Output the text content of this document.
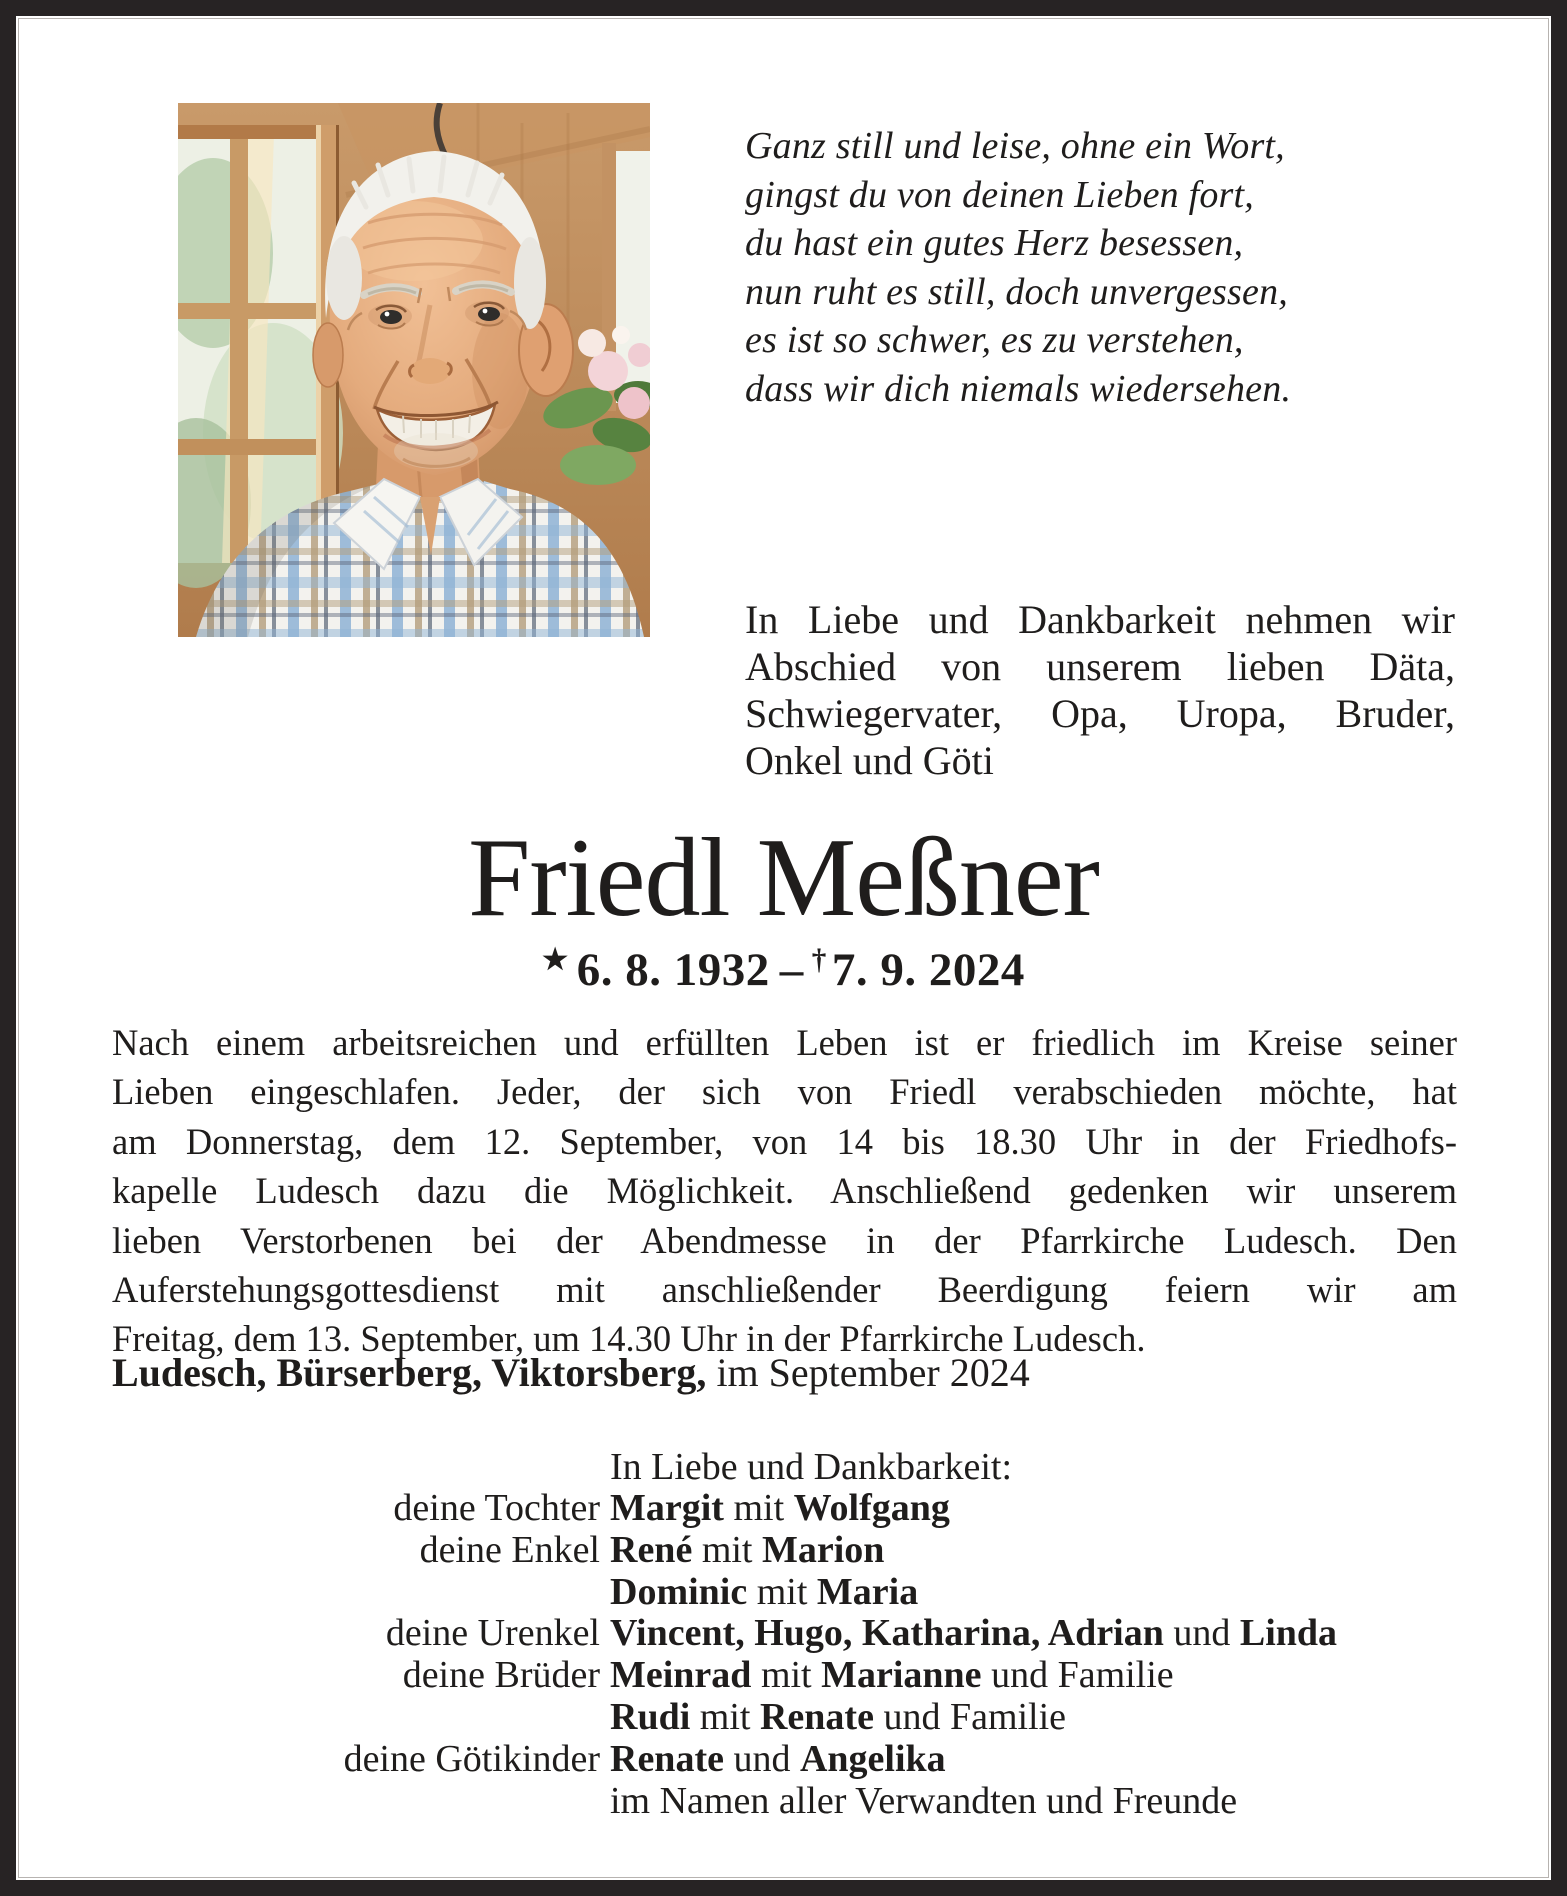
Ganz still und leise, ohne ein Wort,
gingst du von deinen Lieben fort,
du hast ein gutes Herz besessen,
nun ruht es still, doch unvergessen,
es ist so schwer, es zu verstehen,
dass wir dich niemals wiedersehen.
In Liebe und Dankbarkeit nehmen wir
Abschied von unserem lieben Däta,
Schwiegervater, Opa, Uropa, Bruder,
Onkel und Göti
Friedl Meßner
★ 6. 8. 1932 – † 7. 9. 2024
Nach einem arbeitsreichen und erfüllten Leben ist er friedlich im Kreise seiner
Lieben eingeschlafen. Jeder, der sich von Friedl verabschieden möchte, hat
am Donnerstag, dem 12. September, von 14 bis 18.30 Uhr in der Friedhofs-
kapelle Ludesch dazu die Möglichkeit. Anschließend gedenken wir unserem
lieben Verstorbenen bei der Abendmesse in der Pfarrkirche Ludesch. Den
Auferstehungsgottesdienst mit anschließender Beerdigung feiern wir am
Freitag, dem 13. September, um 14.30 Uhr in der Pfarrkirche Ludesch.
Ludesch, Bürserberg, Viktorsberg, im September 2024
In Liebe und Dankbarkeit:
deine Tochter Margit mit Wolfgang
deine Enkel René mit Marion
Dominic mit Maria
deine Urenkel Vincent, Hugo, Katharina, Adrian und Linda
deine Brüder Meinrad mit Marianne und Familie
Rudi mit Renate und Familie
deine Götikinder Renate und Angelika
im Namen aller Verwandten und Freunde
